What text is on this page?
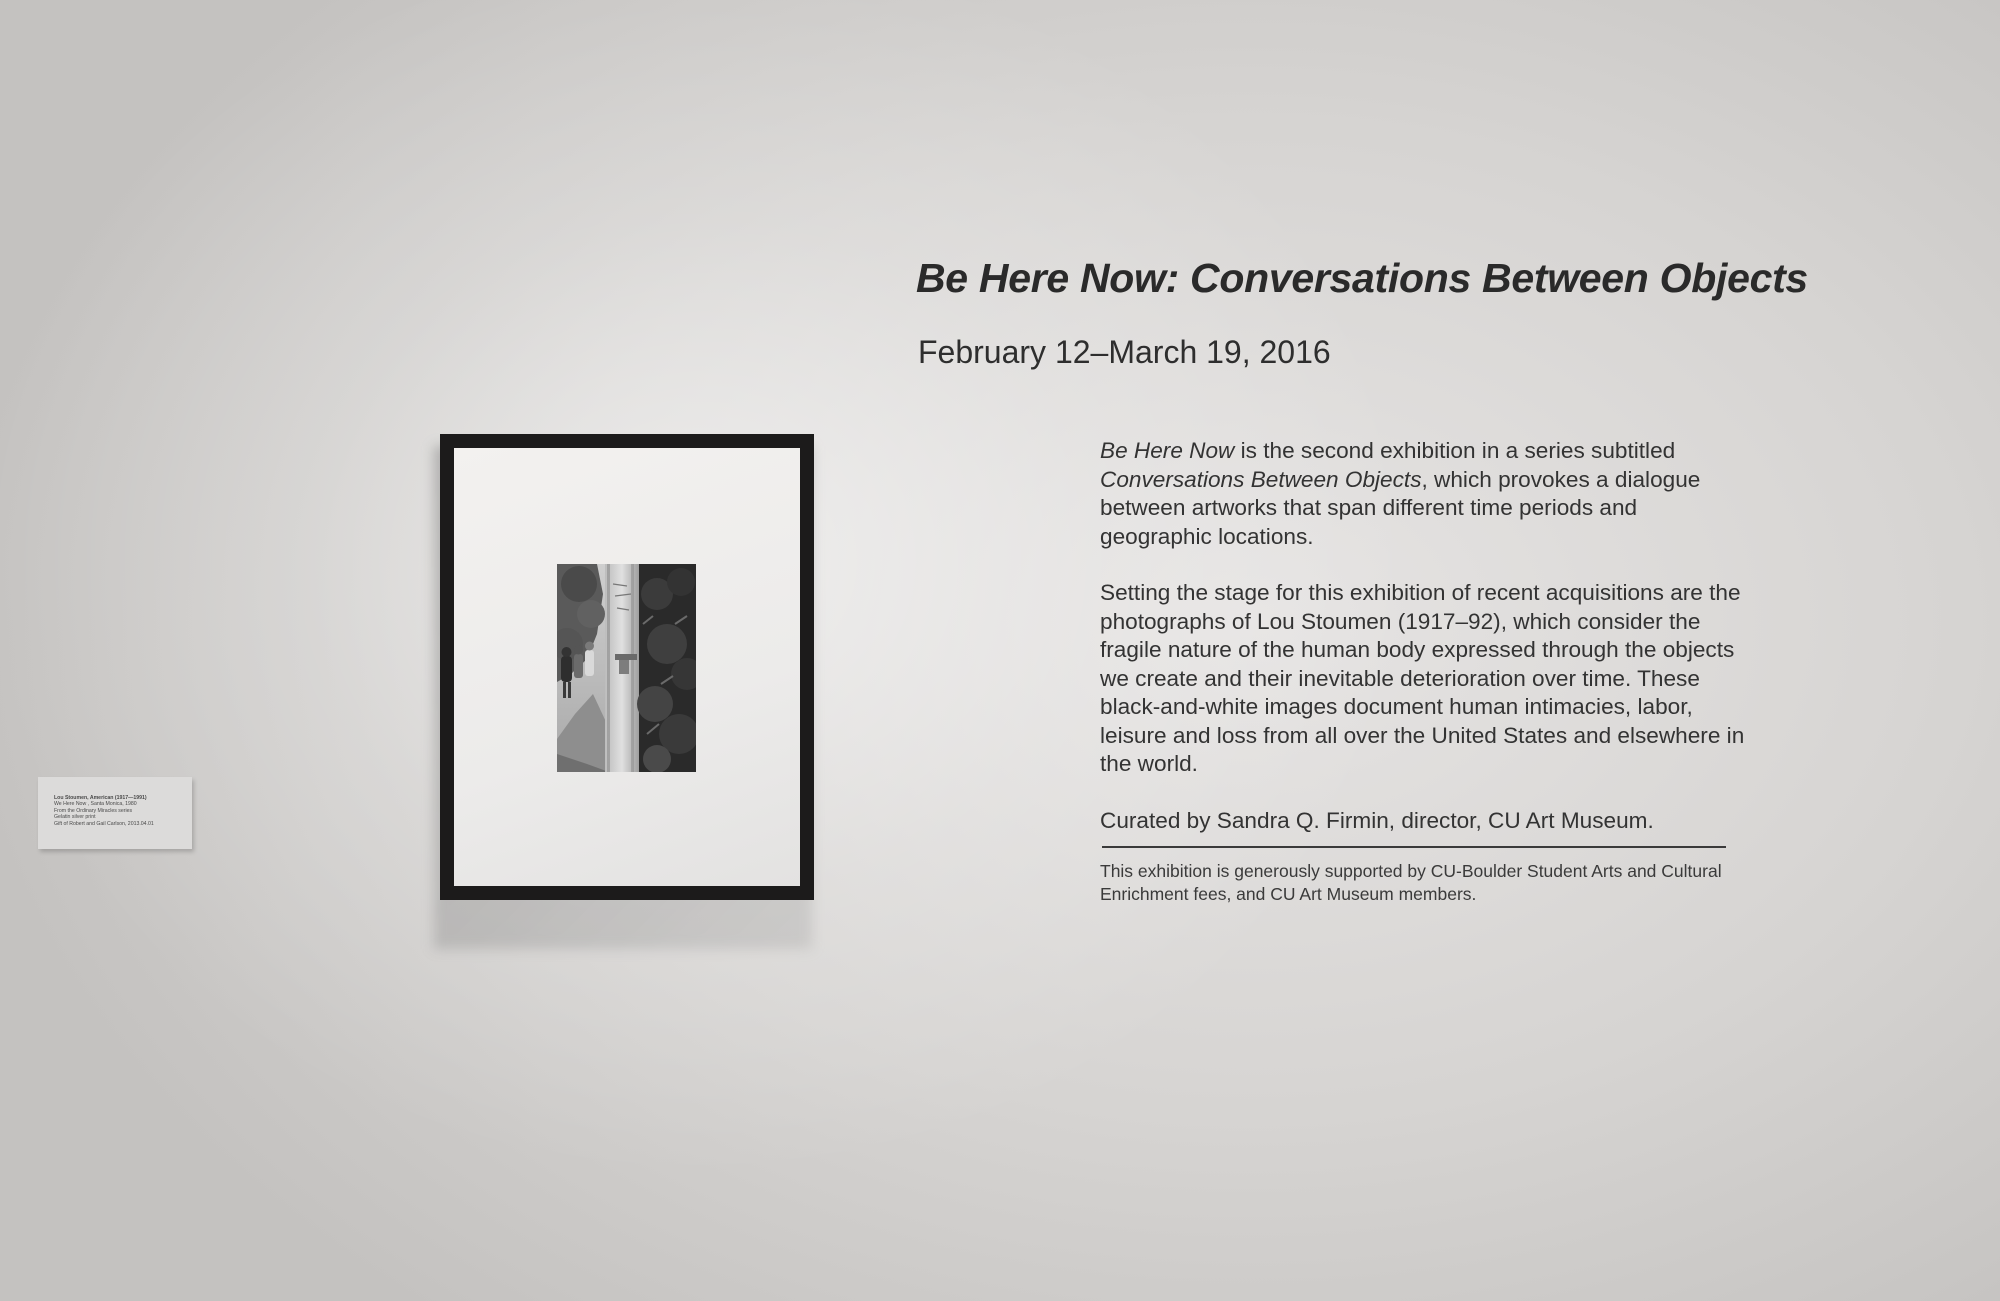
Be Here Now: Conversations Between Objects
February 12–March 19, 2016

Be Here Now is the second exhibition in a series subtitled Conversations Between Objects, which provokes a dialogue between artworks that span different time periods and geographic locations.

Setting the stage for this exhibition of recent acquisitions are the photographs of Lou Stoumen (1917–92), which consider the fragile nature of the human body expressed through the objects we create and their inevitable deterioration over time. These black-and-white images document human intimacies, labor, leisure and loss from all over the United States and elsewhere in the world.

Curated by Sandra Q. Firmin, director, CU Art Museum.

This exhibition is generously supported by CU-Boulder Student Arts and Cultural Enrichment fees, and CU Art Museum members.

Lou Stoumen, American (1917—1991)
We Here Now , Santa Monica, 1980
From the Ordinary Miracles series
Gelatin silver print
Gift of Robert and Gail Carlson, 2013.04.01
